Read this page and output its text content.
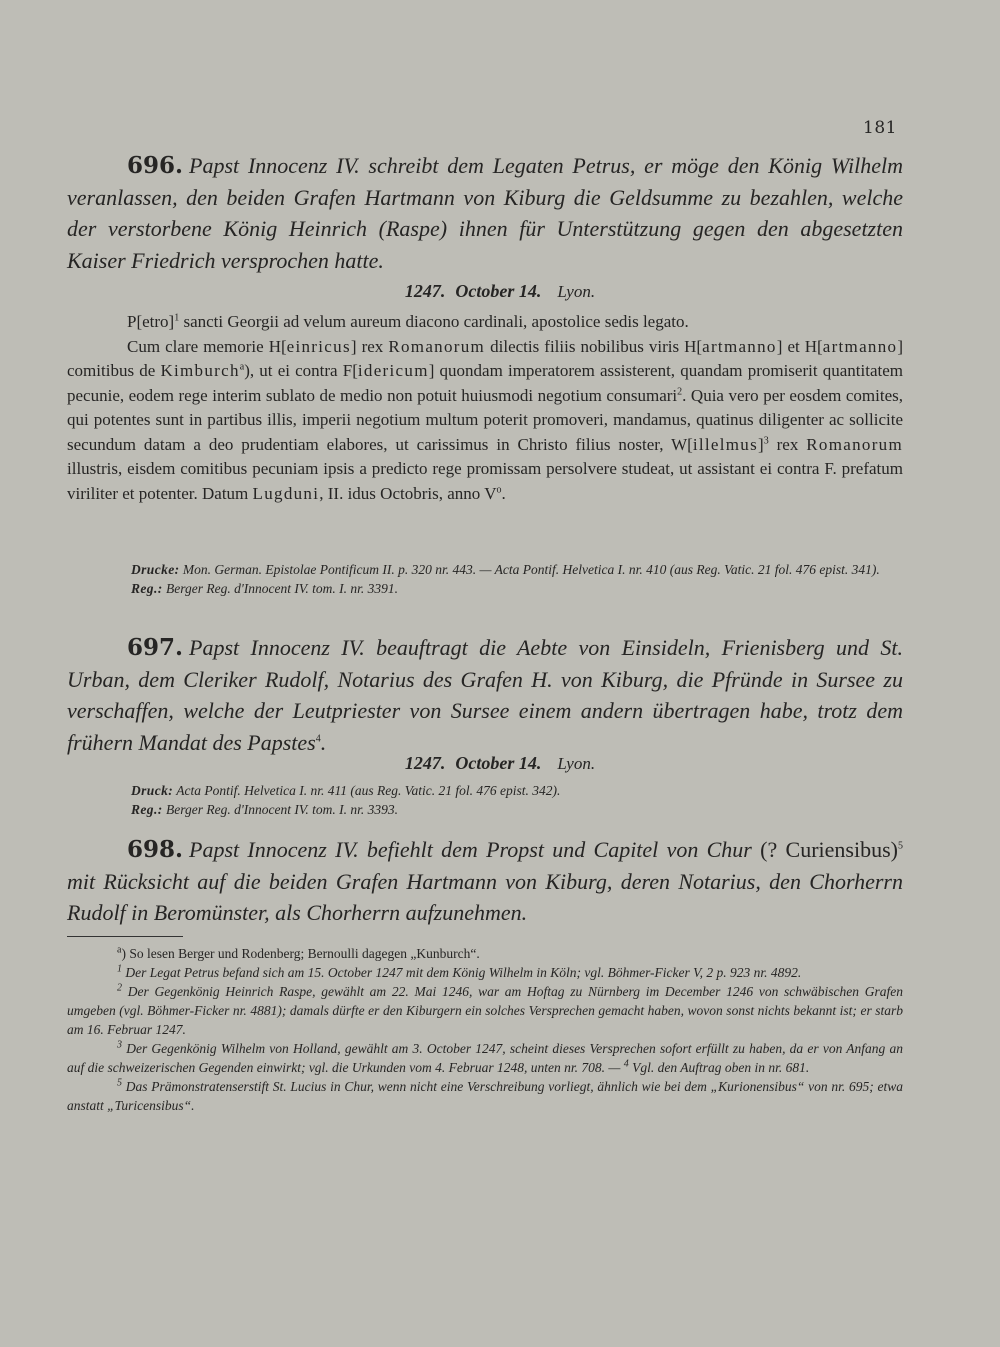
181
696. Papst Innocenz IV. schreibt dem Legaten Petrus, er möge den König Wilhelm veranlassen, den beiden Grafen Hartmann von Kiburg die Geldsumme zu bezahlen, welche der verstorbene König Heinrich (Raspe) ihnen für Unterstützung gegen den abgesetzten Kaiser Friedrich versprochen hatte.
1247. October 14. Lyon.

P[etro]$^1$ sancti Georgii ad velum aureum diacono cardinali, apostolice sedis legato.

Cum clare memorie H[einricus] rex Romanorum dilectis filiis nobilibus viris H[artmanno] et H[artmanno] comitibus de Kimburch$^a$), ut ei contra F[idericum] quondam imperatorem assisterent, quandam promiserit quantitatem pecunie, eodem rege interim sublato de medio non potuit huiusmodi negotium consumari$^2$. Quia vero per eosdem comites, qui potentes sunt in partibus illis, imperii negotium multum poterit promoveri, mandamus, quatinus diligenter ac sollicite secundum datam a deo prudentiam elabores, ut carissimus in Christo filius noster, W[illelmus]$^3$ rex Romanorum illustris, eisdem comitibus pecuniam ipsis a predicto rege promissam persolvere studeat, ut assistant ei contra F. prefatum viriliter et potenter. Datum Lugduni, II. idus Octobris, anno $V^o$.

Drucke: Mon. German. Epistolae Pontificum II. p. 320 nr. 443. — Acta Pontif. Helvetica I. nr. 410 (aus Reg. Vatic. 21 fol. 476 epist. 341).
Reg.: Berger Reg. d'Innocent IV. tom. I. nr. 3391.
697. Papst Innocenz IV. beauftragt die Aebte von Einsideln, Frienisberg und St. Urban, dem Cleriker Rudolf, Notarius des Grafen H. von Kiburg, die Pfründe in Sursee zu verschaffen, welche der Leutpriester von Sursee einem andern übertragen habe, trotz dem frühern Mandat des Papstes$^4$.
1247. October 14. Lyon.
Druck: Acta Pontif. Helvetica I. nr. 411 (aus Reg. Vatic. 21 fol. 476 epist. 342).
Reg.: Berger Reg. d'Innocent IV. tom. I. nr. 3393.
698. Papst Innocenz IV. befiehlt dem Propst und Capitel von Chur (? Curiensibus)$^5$ mit Rücksicht auf die beiden Grafen Hartmann von Kiburg, deren Notarius, den Chorherrn Rudolf in Beromünster, als Chorherrn aufzunehmen.

$^a$) So lesen Berger und Rodenberg; Bernoulli dagegen „Kunburch“.

$^1$ Der Legat Petrus befand sich am 15. October 1247 mit dem König Wilhelm in Köln; vgl. Böhmer-Ficker V, 2 p. 923 nr. 4892.

$^2$ Der Gegenkönig Heinrich Raspe, gewählt am 22. Mai 1246, war am Hoftag zu Nürnberg im December 1246 von schwäbischen Grafen umgeben (vgl. Böhmer-Ficker nr. 4881); damals dürfte er den Kiburgern ein solches Versprechen gemacht haben, wovon sonst nichts bekannt ist; er starb am 16. Februar 1247.

$^3$ Der Gegenkönig Wilhelm von Holland, gewählt am 3. October 1247, scheint dieses Versprechen sofort erfüllt zu haben, da er von Anfang an auf die schweizerischen Gegenden einwirkt; vgl. die Urkunden vom 4. Februar 1248, unten nr. 708. — $^4$ Vgl. den Auftrag oben in nr. 681.

$^5$ Das Prämonstratenserstift St. Lucius in Chur, wenn nicht eine Verschreibung vorliegt, ähnlich wie bei dem „Kurionensibus“ von nr. 695; etwa anstatt „Turicensibus“.
